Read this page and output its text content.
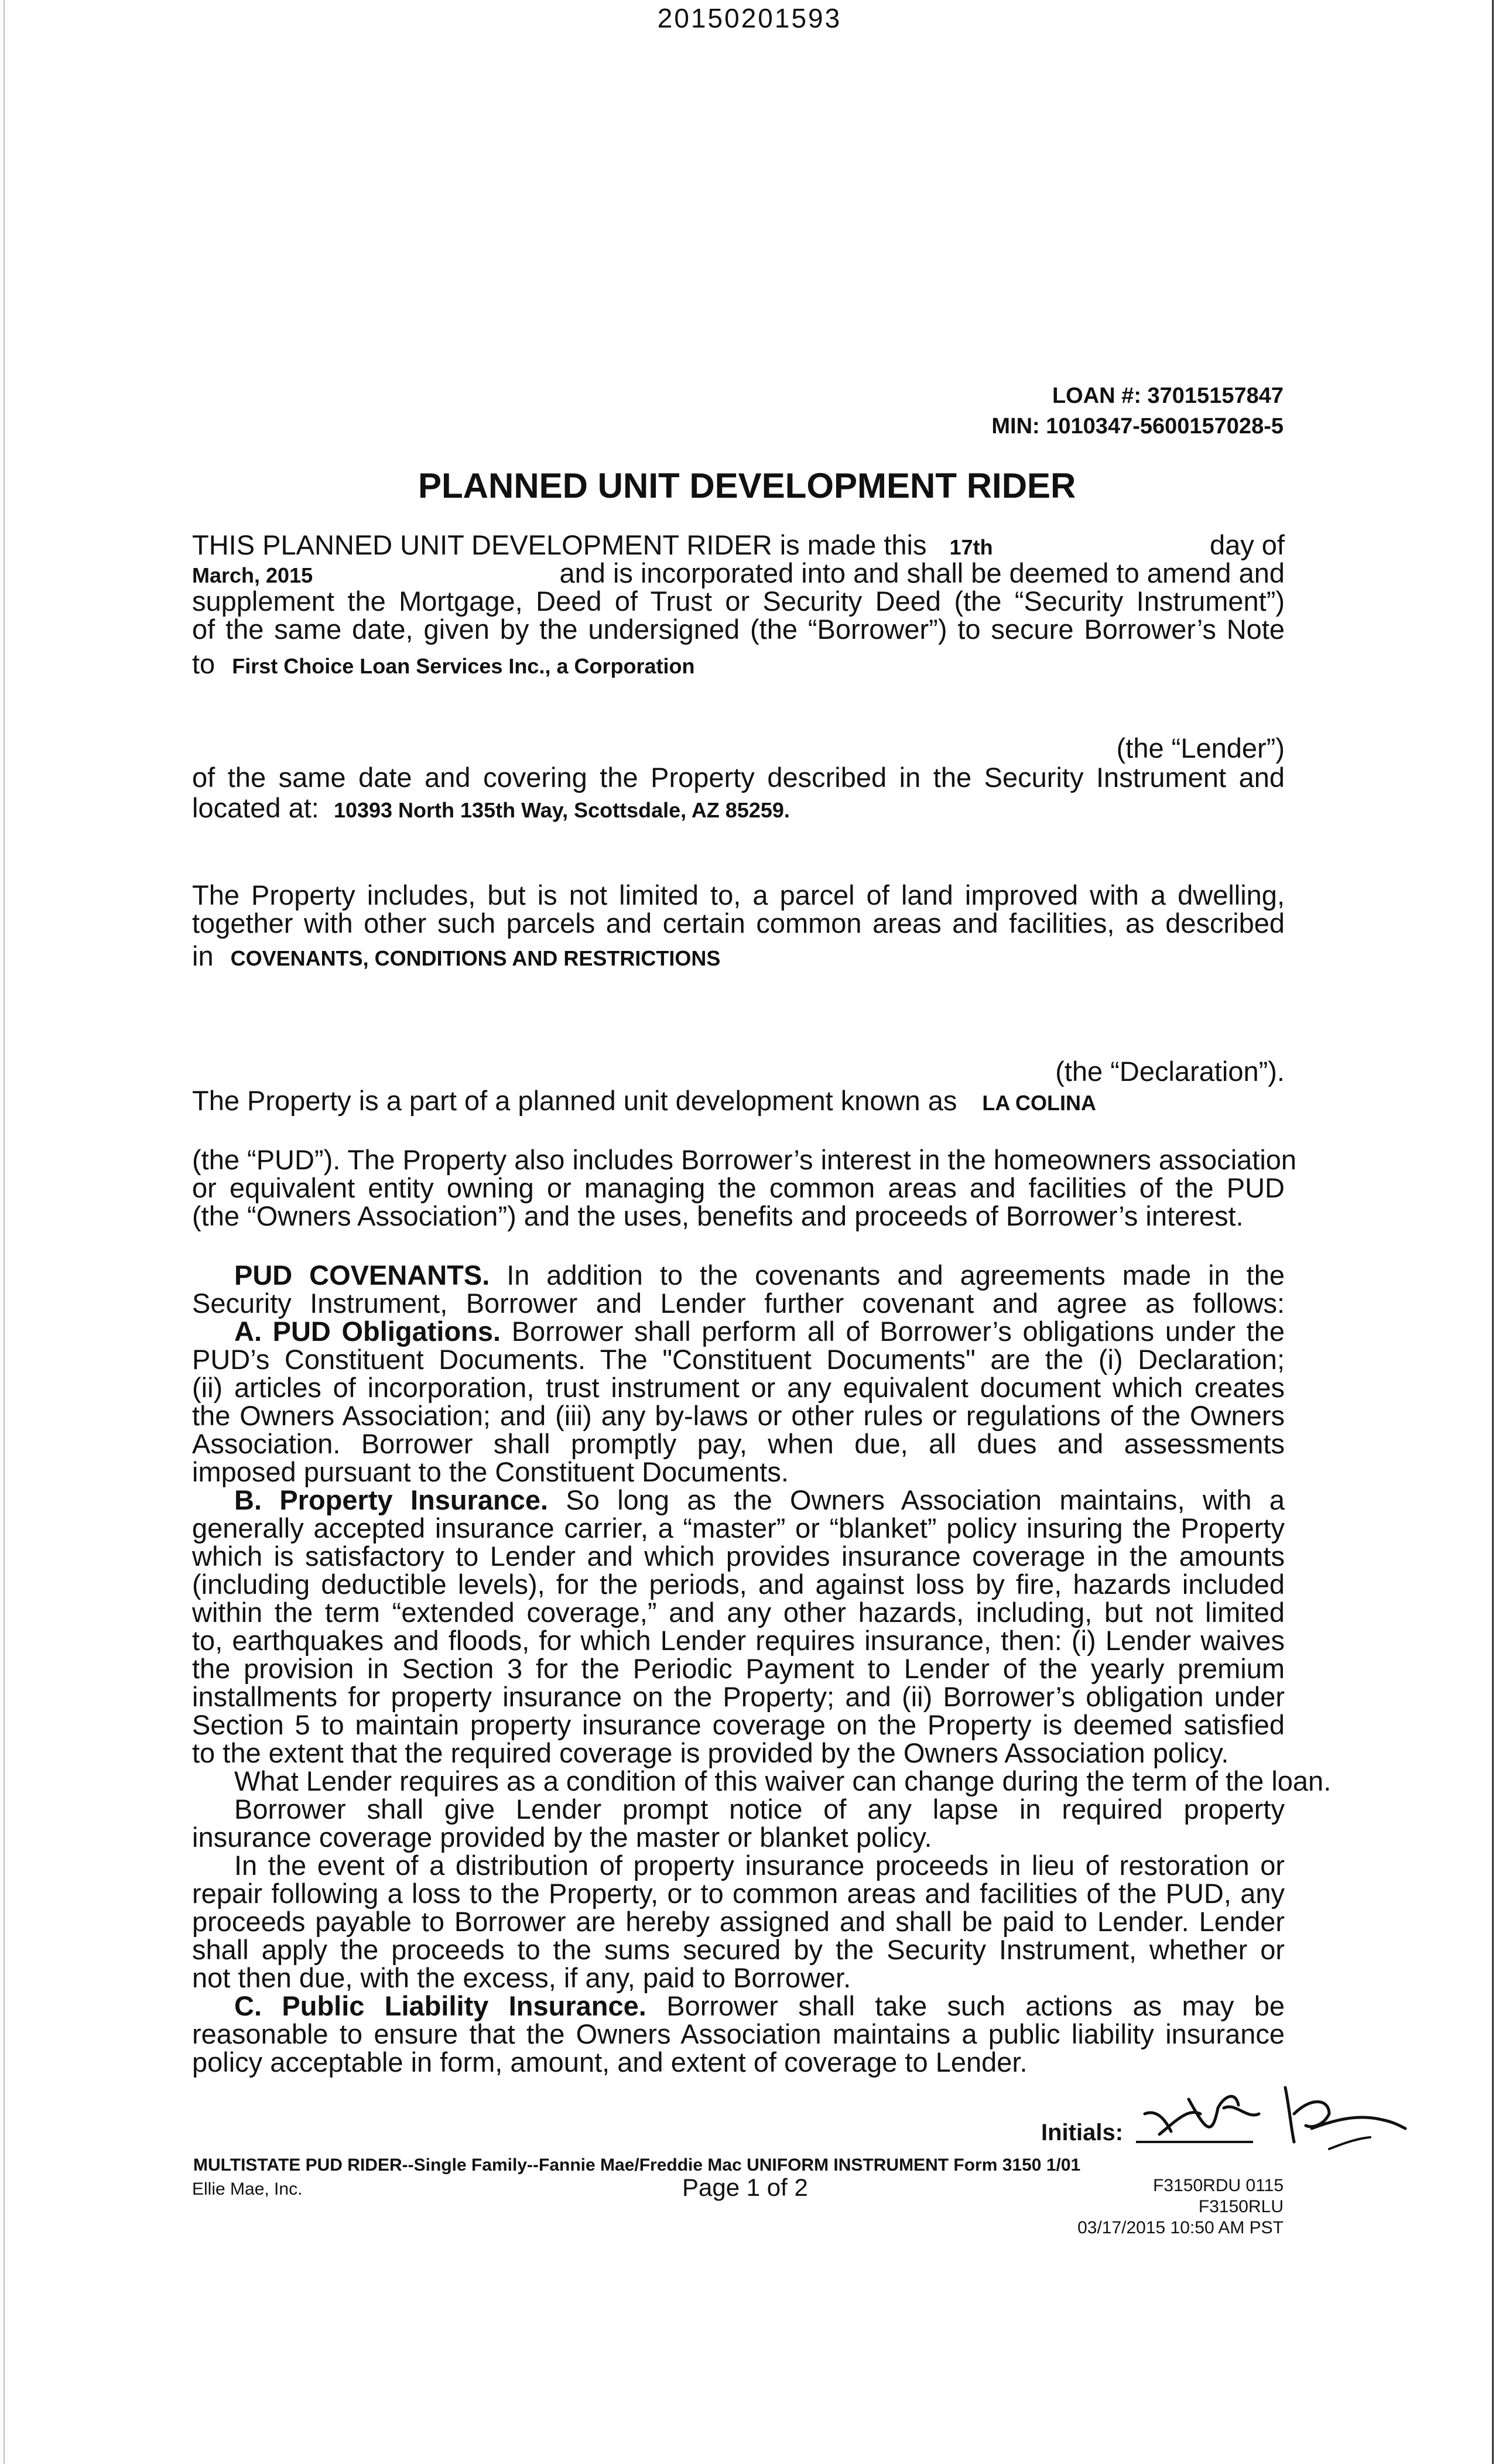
20150201593
LOAN #: 37015157847
MIN: 1010347-5600157028-5
PLANNED UNIT DEVELOPMENT RIDER
THIS PLANNED UNIT DEVELOPMENT RIDER is made this 17th	day of
March, 2015	and is incorporated into and shall be deemed to amend and
supplement the Mortgage, Deed of Trust or Security Deed (the “Security Instrument”)
of the same date, given by the undersigned (the “Borrower”) to secure Borrower’s Note
to First Choice Loan Services Inc., a Corporation
(the “Lender”)
of the same date and covering the Property described in the Security Instrument and
located at: 10393 North 135th Way, Scottsdale, AZ 85259.
The Property includes, but is not limited to, a parcel of land improved with a dwelling,
together with other such parcels and certain common areas and facilities, as described
in COVENANTS, CONDITIONS AND RESTRICTIONS
(the “Declaration”).
The Property is a part of a planned unit development known as LA COLINA
(the “PUD”). The Property also includes Borrower’s interest in the homeowners association
or equivalent entity owning or managing the common areas and facilities of the PUD
(the “Owners Association”) and the uses, benefits and proceeds of Borrower’s interest.
PUD COVENANTS. In addition to the covenants and agreements made in the
Security Instrument, Borrower and Lender further covenant and agree as follows:
A. PUD Obligations. Borrower shall perform all of Borrower’s obligations under the
PUD’s Constituent Documents. The "Constituent Documents" are the (i) Declaration;
(ii) articles of incorporation, trust instrument or any equivalent document which creates
the Owners Association; and (iii) any by-laws or other rules or regulations of the Owners
Association. Borrower shall promptly pay, when due, all dues and assessments
imposed pursuant to the Constituent Documents.
B. Property Insurance. So long as the Owners Association maintains, with a
generally accepted insurance carrier, a “master” or “blanket” policy insuring the Property
which is satisfactory to Lender and which provides insurance coverage in the amounts
(including deductible levels), for the periods, and against loss by fire, hazards included
within the term “extended coverage,” and any other hazards, including, but not limited
to, earthquakes and floods, for which Lender requires insurance, then: (i) Lender waives
the provision in Section 3 for the Periodic Payment to Lender of the yearly premium
installments for property insurance on the Property; and (ii) Borrower’s obligation under
Section 5 to maintain property insurance coverage on the Property is deemed satisfied
to the extent that the required coverage is provided by the Owners Association policy.
What Lender requires as a condition of this waiver can change during the term of the loan.
Borrower shall give Lender prompt notice of any lapse in required property
insurance coverage provided by the master or blanket policy.
In the event of a distribution of property insurance proceeds in lieu of restoration or
repair following a loss to the Property, or to common areas and facilities of the PUD, any
proceeds payable to Borrower are hereby assigned and shall be paid to Lender. Lender
shall apply the proceeds to the sums secured by the Security Instrument, whether or
not then due, with the excess, if any, paid to Borrower.
C. Public Liability Insurance. Borrower shall take such actions as may be
reasonable to ensure that the Owners Association maintains a public liability insurance
policy acceptable in form, amount, and extent of coverage to Lender.
Initials:
MULTISTATE PUD RIDER--Single Family--Fannie Mae/Freddie Mac UNIFORM INSTRUMENT Form 3150 1/01
Ellie Mae, Inc.	Page 1 of 2	F3150RDU 0115
F3150RLU
03/17/2015 10:50 AM PST
